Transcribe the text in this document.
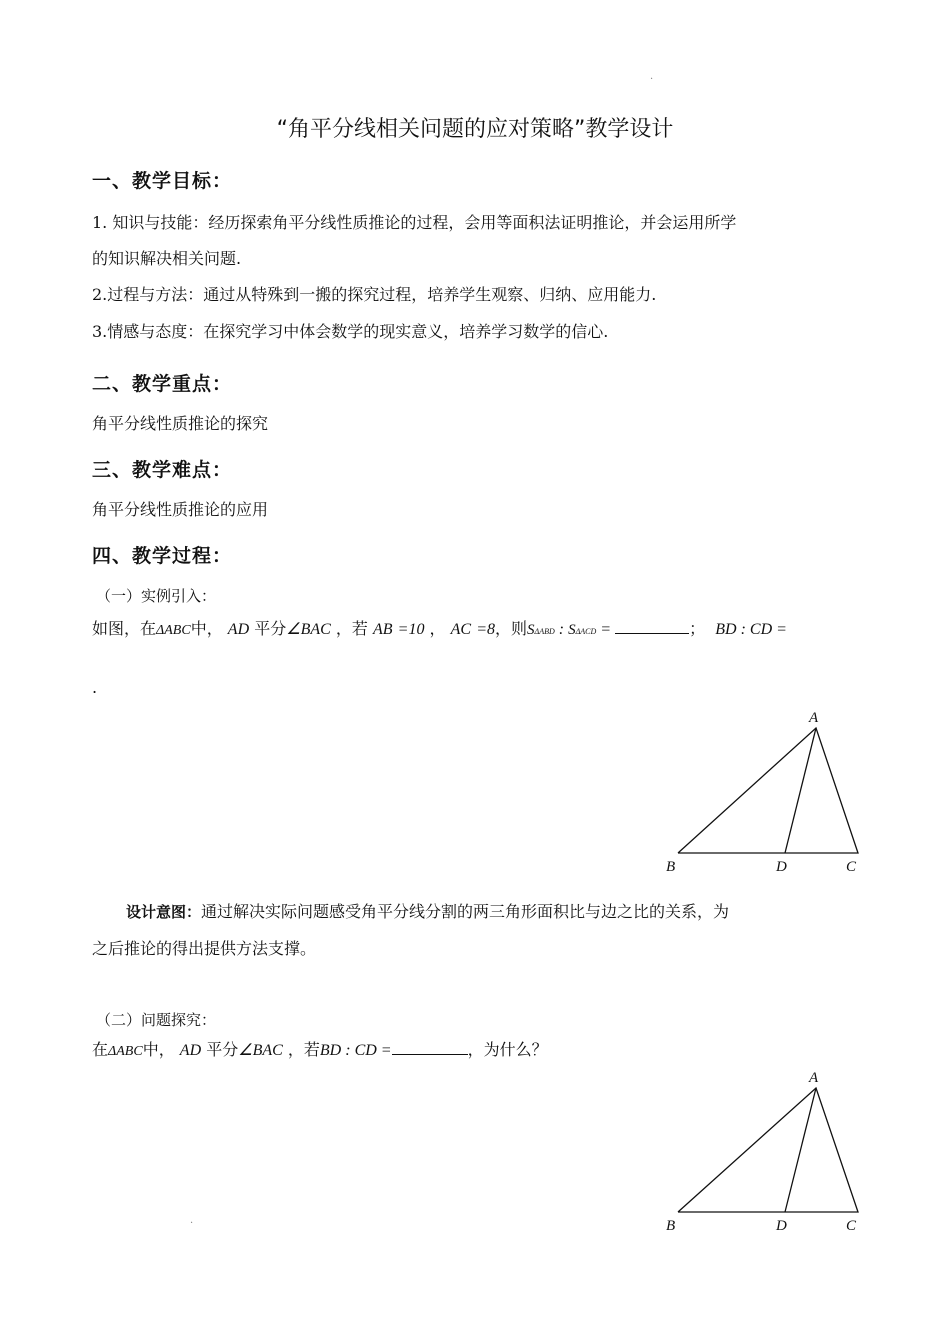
·
“角平分线相关问题的应对策略”教学设计
一、教学目标：
1. 知识与技能：经历探索角平分线性质推论的过程，会用等面积法证明推论，并会运用所学
的知识解决相关问题.
2.过程与方法：通过从特殊到一搬的探究过程，培养学生观察、归纳、应用能力.
3.情感与态度：在探究学习中体会数学的现实意义，培养学习数学的信心.
二、教学重点：
角平分线性质推论的探究
三、教学难点：
角平分线性质推论的应用
四、教学过程：
（一）实例引入：
如图，在ΔABC中， AD 平分∠BAC ，若 AB =10 ， AC =8，则SΔABD : SΔACD =	； BD : CD =
.
A
B	D	C
设计意图：通过解决实际问题感受角平分线分割的两三角形面积比与边之比的关系，为
之后推论的得出提供方法支撑。
（二）问题探究：
在ΔABC中， AD 平分∠BAC ，若BD : CD =	，为什么？
A
B	D	C
·
